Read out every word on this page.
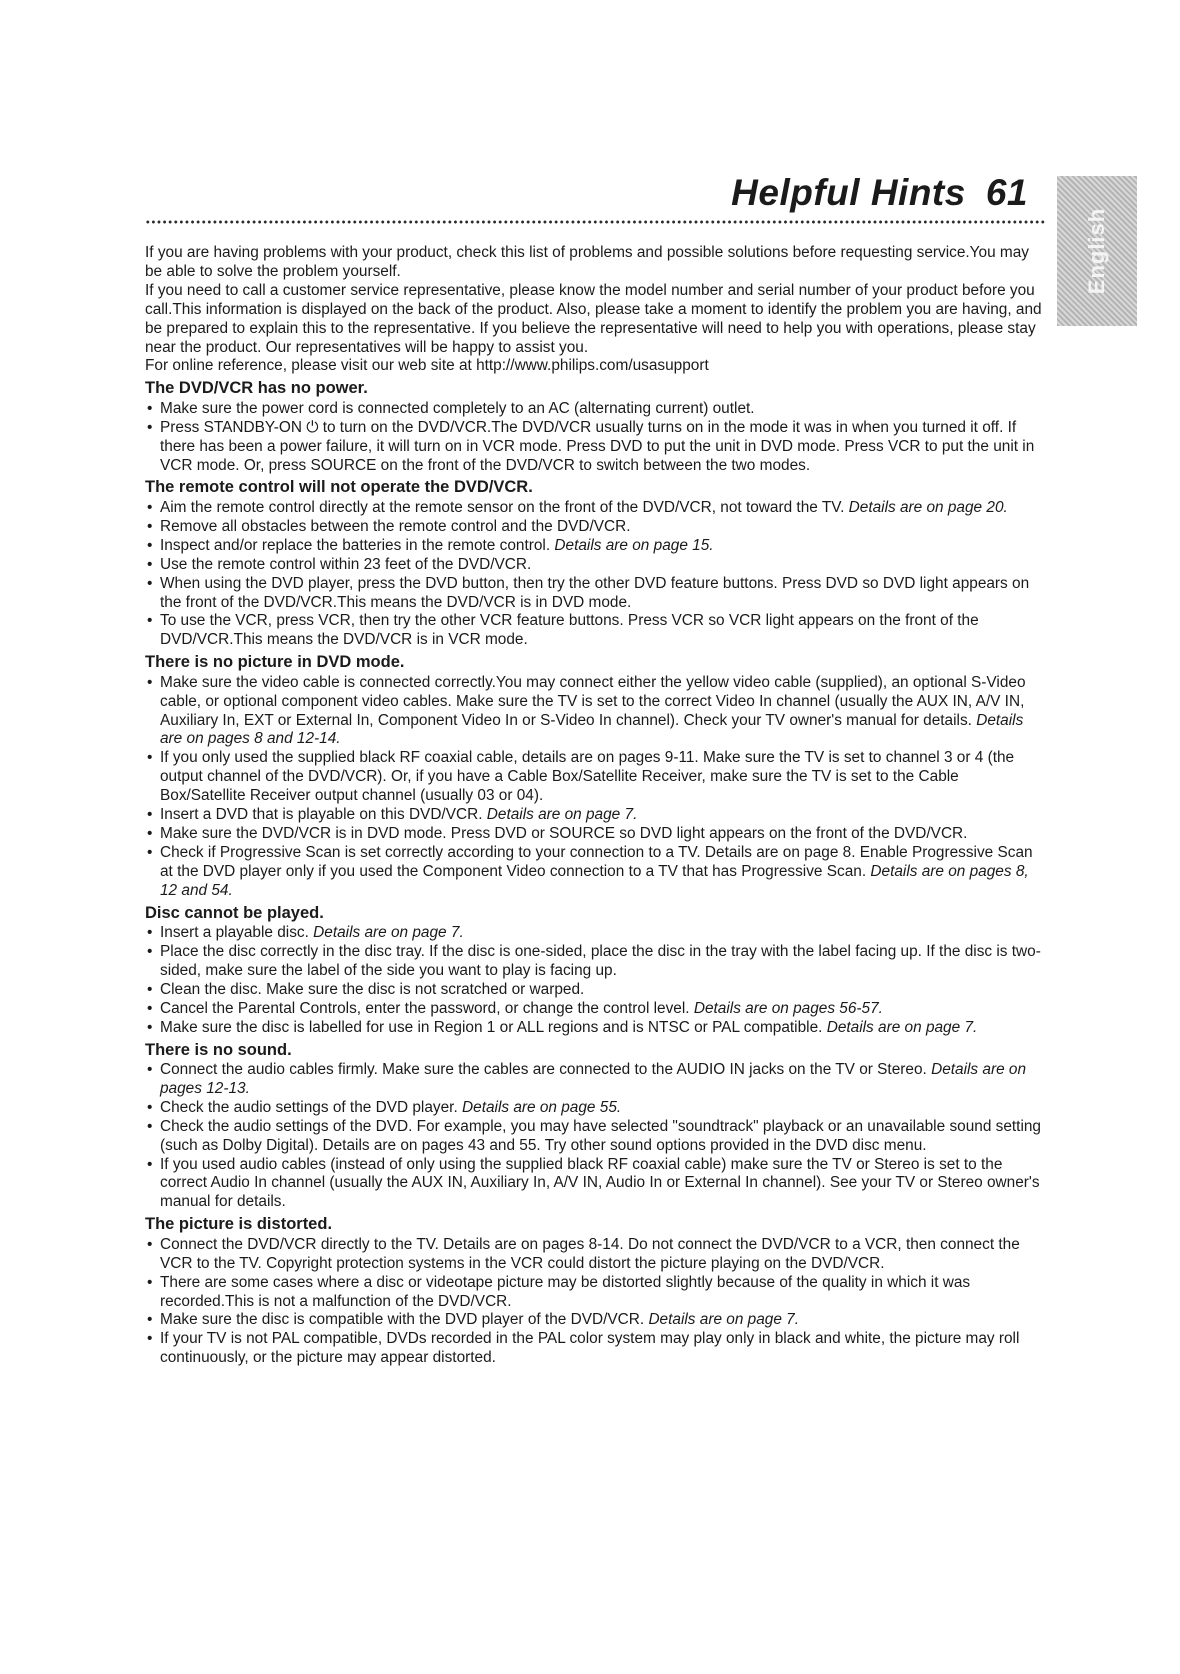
Helpful Hints 61
English

If you are having problems with your product, check this list of problems and possible solutions before requesting service.You may be able to solve the problem yourself.

If you need to call a customer service representative, please know the model number and serial number of your product before you call.This information is displayed on the back of the product. Also, please take a moment to identify the problem you are having, and be prepared to explain this to the representative. If you believe the representative will need to help you with operations, please stay near the product. Our representatives will be happy to assist you.

For online reference, please visit our web site at http://www.philips.com/usasupport

The DVD/VCR has no power.
• Make sure the power cord is connected completely to an AC (alternating current) outlet.
• Press STANDBY-ON ⏻ to turn on the DVD/VCR.The DVD/VCR usually turns on in the mode it was in when you turned it off. If there has been a power failure, it will turn on in VCR mode. Press DVD to put the unit in DVD mode. Press VCR to put the unit in VCR mode. Or, press SOURCE on the front of the DVD/VCR to switch between the two modes.
The remote control will not operate the DVD/VCR.
• Aim the remote control directly at the remote sensor on the front of the DVD/VCR, not toward the TV. Details are on page 20.
• Remove all obstacles between the remote control and the DVD/VCR.
• Inspect and/or replace the batteries in the remote control. Details are on page 15.
• Use the remote control within 23 feet of the DVD/VCR.
• When using the DVD player, press the DVD button, then try the other DVD feature buttons. Press DVD so DVD light appears on the front of the DVD/VCR.This means the DVD/VCR is in DVD mode.
• To use the VCR, press VCR, then try the other VCR feature buttons. Press VCR so VCR light appears on the front of the DVD/VCR.This means the DVD/VCR is in VCR mode.
There is no picture in DVD mode.
• Make sure the video cable is connected correctly.You may connect either the yellow video cable (supplied), an optional S-Video cable, or optional component video cables. Make sure the TV is set to the correct Video In channel (usually the AUX IN, A/V IN, Auxiliary In, EXT or External In, Component Video In or S-Video In channel). Check your TV owner's manual for details. Details are on pages 8 and 12-14.
• If you only used the supplied black RF coaxial cable, details are on pages 9-11. Make sure the TV is set to channel 3 or 4 (the output channel of the DVD/VCR). Or, if you have a Cable Box/Satellite Receiver, make sure the TV is set to the Cable Box/Satellite Receiver output channel (usually 03 or 04).
• Insert a DVD that is playable on this DVD/VCR. Details are on page 7.
• Make sure the DVD/VCR is in DVD mode. Press DVD or SOURCE so DVD light appears on the front of the DVD/VCR.
• Check if Progressive Scan is set correctly according to your connection to a TV. Details are on page 8. Enable Progressive Scan at the DVD player only if you used the Component Video connection to a TV that has Progressive Scan. Details are on pages 8, 12 and 54.
Disc cannot be played.
• Insert a playable disc. Details are on page 7.
• Place the disc correctly in the disc tray. If the disc is one-sided, place the disc in the tray with the label facing up. If the disc is two-sided, make sure the label of the side you want to play is facing up.
• Clean the disc. Make sure the disc is not scratched or warped.
• Cancel the Parental Controls, enter the password, or change the control level. Details are on pages 56-57.
• Make sure the disc is labelled for use in Region 1 or ALL regions and is NTSC or PAL compatible. Details are on page 7.
There is no sound.
• Connect the audio cables firmly. Make sure the cables are connected to the AUDIO IN jacks on the TV or Stereo. Details are on pages 12-13.
• Check the audio settings of the DVD player. Details are on page 55.
• Check the audio settings of the DVD. For example, you may have selected "soundtrack" playback or an unavailable sound setting (such as Dolby Digital). Details are on pages 43 and 55. Try other sound options provided in the DVD disc menu.
• If you used audio cables (instead of only using the supplied black RF coaxial cable) make sure the TV or Stereo is set to the correct Audio In channel (usually the AUX IN, Auxiliary In, A/V IN, Audio In or External In channel). See your TV or Stereo owner's manual for details.
The picture is distorted.
• Connect the DVD/VCR directly to the TV. Details are on pages 8-14. Do not connect the DVD/VCR to a VCR, then connect the VCR to the TV. Copyright protection systems in the VCR could distort the picture playing on the DVD/VCR.
• There are some cases where a disc or videotape picture may be distorted slightly because of the quality in which it was recorded.This is not a malfunction of the DVD/VCR.
• Make sure the disc is compatible with the DVD player of the DVD/VCR. Details are on page 7.
• If your TV is not PAL compatible, DVDs recorded in the PAL color system may play only in black and white, the picture may roll continuously, or the picture may appear distorted.
